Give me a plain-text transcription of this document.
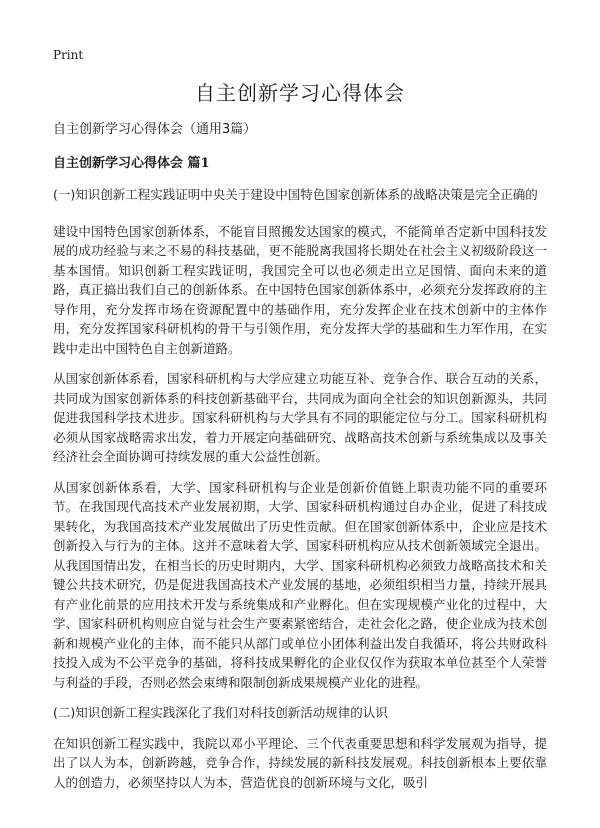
Print
自主创新学习心得体会
自主创新学习心得体会（通用3篇）
自主创新学习心得体会 篇1

(一)知识创新工程实践证明中央关于建设中国特色国家创新体系的战略决策是完全正确的

建设中国特色国家创新体系，不能盲目照搬发达国家的模式，不能简单否定新中国科技发展的成功经验与来之不易的科技基础，更不能脱离我国将长期处在社会主义初级阶段这一基本国情。知识创新工程实践证明，我国完全可以也必须走出立足国情、面向未来的道路，真正搞出我们自己的创新体系。在中国特色国家创新体系中，必须充分发挥政府的主导作用，充分发挥市场在资源配置中的基础作用，充分发挥企业在技术创新中的主体作用，充分发挥国家科研机构的骨干与引领作用，充分发挥大学的基础和生力军作用，在实践中走出中国特色自主创新道路。

从国家创新体系看，国家科研机构与大学应建立功能互补、竞争合作、联合互动的关系，共同成为国家创新体系的科技创新基础平台，共同成为面向全社会的知识创新源头，共同促进我国科学技术进步。国家科研机构与大学具有不同的职能定位与分工。国家科研机构必须从国家战略需求出发，着力开展定向基础研究、战略高技术创新与系统集成以及事关经济社会全面协调可持续发展的重大公益性创新。

从国家创新体系看，大学、国家科研机构与企业是创新价值链上职责功能不同的重要环节。在我国现代高技术产业发展初期，大学、国家科研机构通过自办企业，促进了科技成果转化，为我国高技术产业发展做出了历史性贡献。但在国家创新体系中，企业应是技术创新投入与行为的主体。这并不意味着大学、国家科研机构应从技术创新领域完全退出。从我国国情出发，在相当长的历史时期内，大学、国家科研机构必须致力战略高技术和关键公共技术研究，仍是促进我国高技术产业发展的基地，必须组织相当力量，持续开展具有产业化前景的应用技术开发与系统集成和产业孵化。但在实现规模产业化的过程中，大学、国家科研机构则应自觉与社会生产要素紧密结合，走社会化之路，使企业成为技术创新和规模产业化的主体，而不能只从部门或单位小团体利益出发自我循环，将公共财政科技投入成为不公平竞争的基础，将科技成果孵化的企业仅仅作为获取本单位甚至个人荣誉与利益的手段，否则必然会束缚和限制创新成果规模产业化的进程。

(二)知识创新工程实践深化了我们对科技创新活动规律的认识

在知识创新工程实践中，我院以邓小平理论、三个代表重要思想和科学发展观为指导，提出了以人为本，创新跨越，竞争合作，持续发展的新科技发展观。科技创新根本上要依靠人的创造力，必须坚持以人为本，营造优良的创新环境与文化，吸引
